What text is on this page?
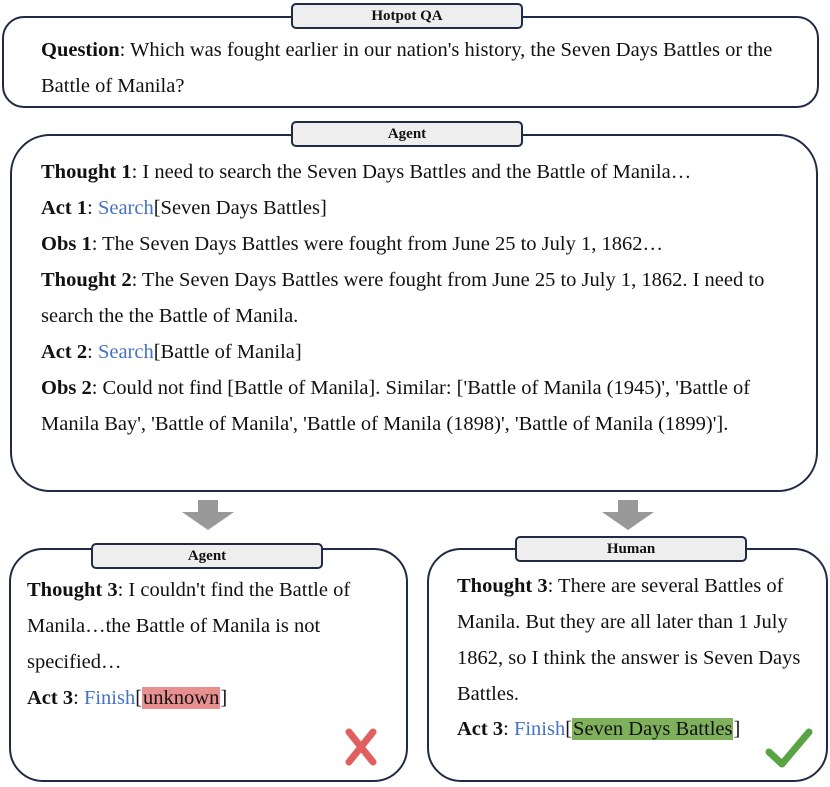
Hotpot QA
Question: Which was fought earlier in our nation's history, the Seven Days Battles or the Battle of Manila?
Agent
Thought 1: I need to search the Seven Days Battles and the Battle of Manila…
Act 1: Search[Seven Days Battles]
Obs 1: The Seven Days Battles were fought from June 25 to July 1, 1862…
Thought 2: The Seven Days Battles were fought from June 25 to July 1, 1862. I need to search the the Battle of Manila.
Act 2: Search[Battle of Manila]
Obs 2: Could not find [Battle of Manila]. Similar: ['Battle of Manila (1945)', 'Battle of Manila Bay', 'Battle of Manila', 'Battle of Manila (1898)', 'Battle of Manila (1899)'].
Agent
Thought 3: I couldn't find the Battle of Manila…the Battle of Manila is not specified…
Act 3: Finish[unknown]
Human
Thought 3: There are several Battles of Manila. But they are all later than 1 July 1862, so I think the answer is Seven Days Battles.
Act 3: Finish[Seven Days Battles]
